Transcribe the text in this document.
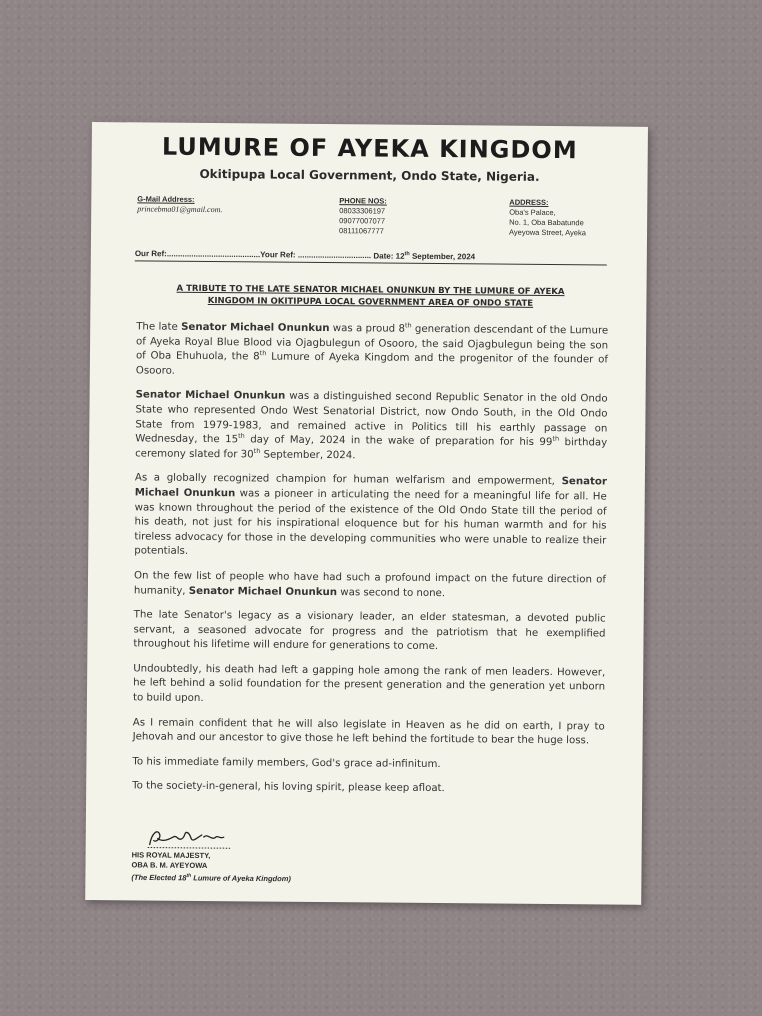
LUMURE OF AYEKA KINGDOM
Okitipupa Local Government, Ondo State, Nigeria.
G-Mail Address:
princebma01@gmail.com.
PHONE NOS:
08033306197
09077007077
08111067777
ADDRESS:
Oba's Palace,
No. 1, Oba Babatunde
Ayeyowa Street, Ayeka
Our Ref:..........................................Your Ref: ................................. Date: 12th September, 2024
A TRIBUTE TO THE LATE SENATOR MICHAEL ONUNKUN BY THE LUMURE OF AYEKA KINGDOM IN OKITIPUPA LOCAL GOVERNMENT AREA OF ONDO STATE

The late Senator Michael Onunkun was a proud 8th generation descendant of the Lumure of Ayeka Royal Blue Blood via Ojagbulegun of Osooro, the said Ojagbulegun being the son of Oba Ehuhuola, the 8th Lumure of Ayeka Kingdom and the progenitor of the founder of Osooro.

Senator Michael Onunkun was a distinguished second Republic Senator in the old Ondo State who represented Ondo West Senatorial District, now Ondo South, in the Old Ondo State from 1979-1983, and remained active in Politics till his earthly passage on Wednesday, the 15th day of May, 2024 in the wake of preparation for his 99th birthday ceremony slated for 30th September, 2024.

As a globally recognized champion for human welfarism and empowerment, Senator Michael Onunkun was a pioneer in articulating the need for a meaningful life for all. He was known throughout the period of the existence of the Old Ondo State till the period of his death, not just for his inspirational eloquence but for his human warmth and for his tireless advocacy for those in the developing communities who were unable to realize their potentials.

On the few list of people who have had such a profound impact on the future direction of humanity, Senator Michael Onunkun was second to none.

The late Senator's legacy as a visionary leader, an elder statesman, a devoted public servant, a seasoned advocate for progress and the patriotism that he exemplified throughout his lifetime will endure for generations to come.

Undoubtedly, his death had left a gapping hole among the rank of men leaders. However, he left behind a solid foundation for the present generation and the generation yet unborn to build upon.

As I remain confident that he will also legislate in Heaven as he did on earth, I pray to Jehovah and our ancestor to give those he left behind the fortitude to bear the huge loss.

To his immediate family members, God's grace ad-infinitum.

To the society-in-general, his loving spirit, please keep afloat.

HIS ROYAL MAJESTY,
OBA B. M. AYEYOWA
(The Elected 18th Lumure of Ayeka Kingdom)
